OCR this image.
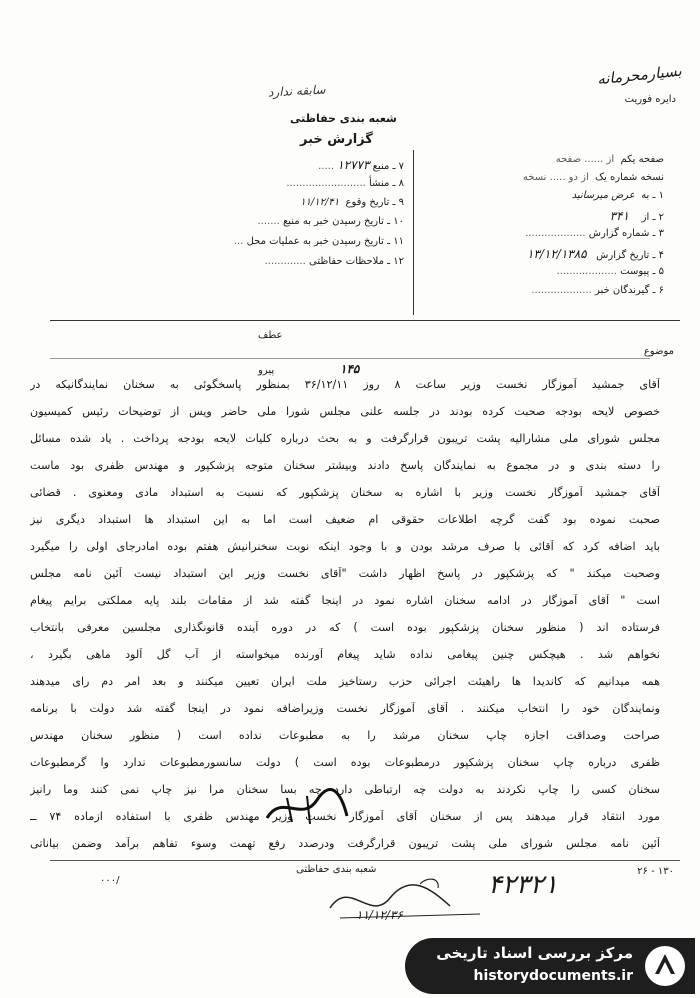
بسیارمحرمانه
دایره فوریت
سابقه ندارد
شعبه بندی حفاظتی
گزارش خبر
صفحه یکم  از ...... صفحه
نسخه شماره یک  از دو ..... نسخه
۱ ـ به  عرض میرسانید
۲ ـ از    ۳۴۱
۳ ـ شماره گزارش ...................
۴ ـ تاریخ گزارش   ۱۳/۱۲/۱۳۸۵
۵ ـ پیوست ...................
۶ ـ گیرندگان خبر ...................
۷ ـ منبع ۱۲۷۷۳ .....
۸ ـ منشأ .........................
۹ ـ تاریخ وقوع  ۱۱/۱۲/۴۱
۱۰ ـ تاریخ رسیدن خبر به منبع .......
۱۱ ـ تاریخ رسیدن خبر به عملیات محل ...
۱۲ ـ ملاحظات حفاظتی .............
موضوع
عطف
پیرو	۱۴۵
آقای جمشید آموزگار نخست وزیر ساعت ۸ روز ۳۶/۱۲/۱۱ بمنظور پاسخگوئی به سخنان نمایندگانیکه در
خصوص لایحه بودجه صحبت کرده بودند در جلسه علنی مجلس شورا ملی حاضر ویس از توضیحات رئیس کمیسیون
مجلس شورای ملی مشارالیه پشت تریبون قرارگرفت و به بحث درباره کلیات لایحه بودجه پرداخت . یاد شده مسائل
را دسته بندی و در مجموع به نمایندگان پاسخ دادند وبیشتر سخنان متوجه پزشکپور و مهندس ظفری بود ماست
آقای جمشید آموزگار نخست وزیر با اشاره به سخنان پزشکپور که نسبت به استبداد مادی ومعنوی . قضائی
صحبت نموده بود گفت گرچه اطلاعات حقوقی ام ضعیف است اما به این استبداد ها استبداد دیگری نیز
باید اضافه کرد که آقائی با صرف مرشد بودن و با وجود اینکه نوبت سخنرانیش هفتم بوده امادرجای اولی را میگیرد
وصحبت میکند " که پزشکپور در پاسخ اظهار داشت "آقای نخست وزیر این استبداد نیست آئین نامه مجلس
است " آقای آموزگار در ادامه سخنان اشاره نمود در اینجا گفته شد از مقامات بلند پایه مملکتی برایم پیغام
فرستاده اند ( منظور سخنان پزشکپور بوده است ) که در دوره آینده قانونگذاری مجلسین معرفی بانتخاب
نخواهم شد . هیچکس چنین پیغامی نداده شاید پیغام آورنده میخواسته از آب گل آلود ماهی بگیرد ،
همه میدانیم که کاندیدا ها راهیئت اجرائی حزب رستاخیز ملت ایران تعیین میکنند و بعد امر دم رای میدهند
ونمایندگان خود را انتخاب میکنند . آقای آموزگار نخست وزیراضافه نمود در اینجا گفته شد دولت با برنامه
صراحت وصداقت اجازه چاپ سخنان مرشد را به مطبوعات نداده است ( منظور سخنان مهندس
ظفری درباره چاپ سخنان پزشکپور درمطبوعات بوده است ) دولت سانسورمطبوعات ندارد وا گرمطبوعات
سخنان کسی را چاپ نکردند به دولت چه ارتباطی دارد چه بسا سخنان مرا نیز چاپ نمی کنند وما رانیز
مورد انتقاد قرار میدهند پس از سخنان آقای آموزگار نخست وزیر مهندس ظفری با استفاده ازماده ۷۴ ــ
آئین نامه مجلس شورای ملی پشت تریبون قرارگرفت ودرصدد رفع تهمت وسوء تفاهم برآمد وضمن بیاناتی
شعبه بندی حفاظتی
۰۰۰/
۲۶ - ۱۳۰
۴۲۳۲۱
۱۱/۱۲/۳۶
مرکز بررسی اسناد تاریخی
historydocuments.ir
